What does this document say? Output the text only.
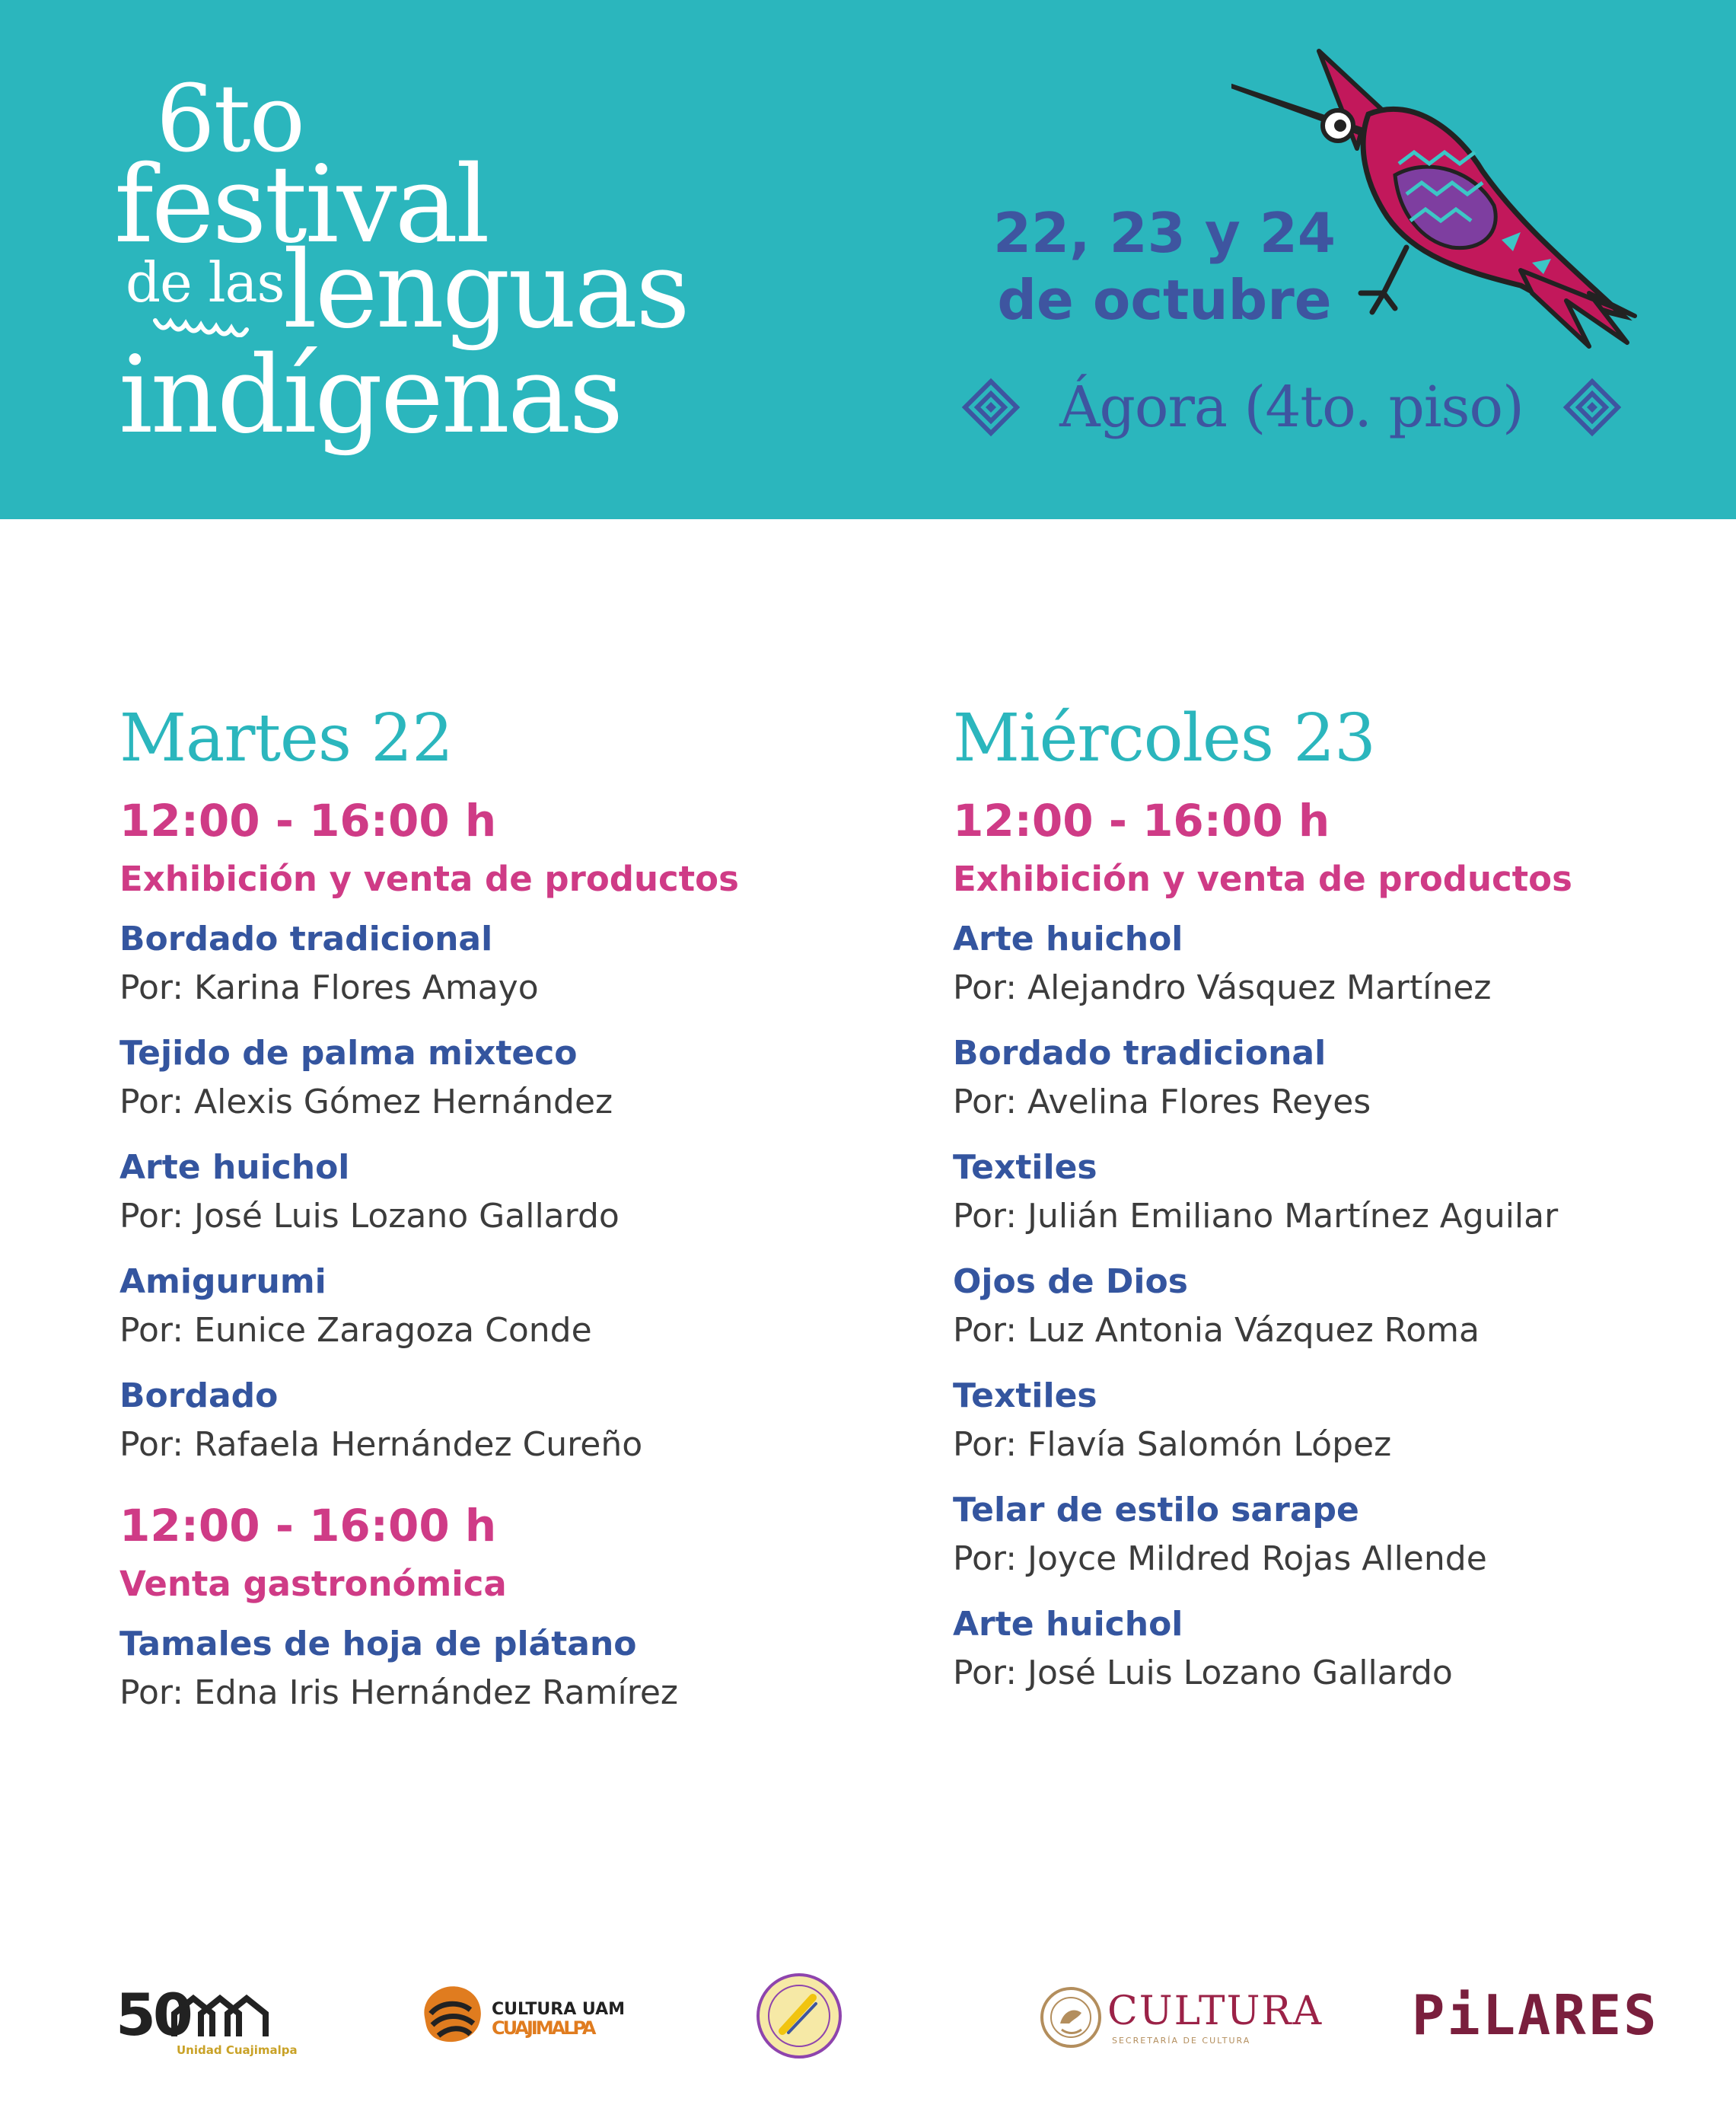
6to
festival
de las
lenguas
indígenas
22, 23 y 24
de octubre
Ágora (4to. piso)
Martes 22
12:00 - 16:00 h
Exhibición y venta de productos
Bordado tradicional
Por: Karina Flores Amayo
Tejido de palma mixteco
Por: Alexis Gómez Hernández
Arte huichol
Por: José Luis Lozano Gallardo
Amigurumi
Por: Eunice Zaragoza Conde
Bordado
Por: Rafaela Hernández Cureño
12:00 - 16:00 h
Venta gastronómica
Tamales de hoja de plátano
Por: Edna Iris Hernández Ramírez
Miércoles 23
12:00 - 16:00 h
Exhibición y venta de productos
Arte huichol
Por: Alejandro Vásquez Martínez
Bordado tradicional
Por: Avelina Flores Reyes
Textiles
Por: Julián Emiliano Martínez Aguilar
Ojos de Dios
Por: Luz Antonia Vázquez Roma
Textiles
Por: Flavía Salomón López
Telar de estilo sarape
Por: Joyce Mildred Rojas Allende
Arte huichol
Por: José Luis Lozano Gallardo
50
Unidad Cuajimalpa
CULTURA UAM
CUAJIMALPA	CULTURA
SECRETARÍA DE CULTURA	PiLARES
